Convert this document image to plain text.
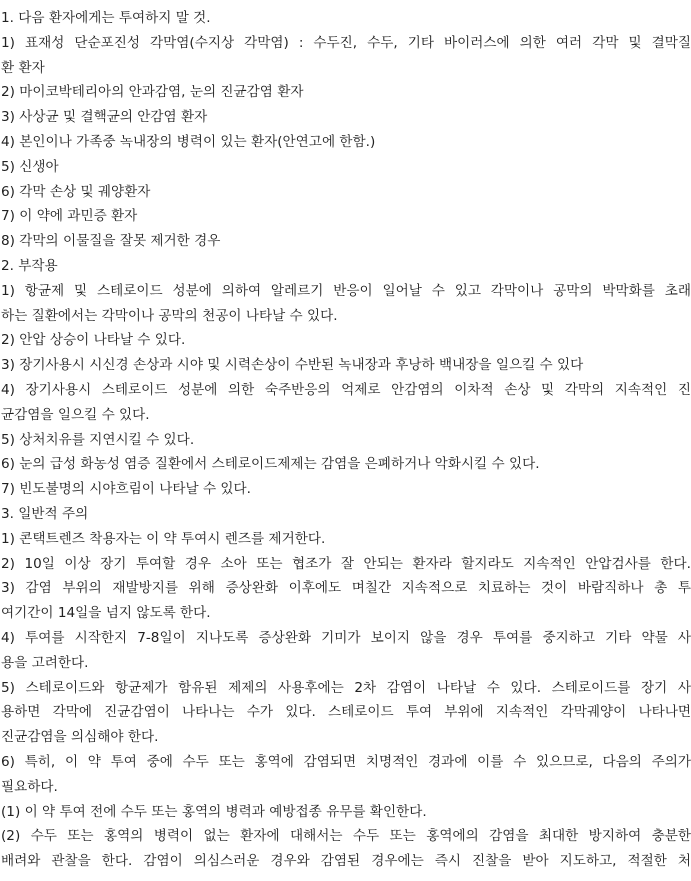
1. 다음 환자에게는 투여하지 말 것.
1) 표재성 단순포진성 각막염(수지상 각막염) : 수두진, 수두, 기타 바이러스에 의한 여러 각막 및 결막질
환 환자
2) 마이코박테리아의 안과감염, 눈의 진균감염 환자
3) 사상균 및 결핵균의 안감염 환자
4) 본인이나 가족중 녹내장의 병력이 있는 환자(안연고에 한함.)
5) 신생아
6) 각막 손상 및 궤양환자
7) 이 약에 과민증 환자
8) 각막의 이물질을 잘못 제거한 경우
2. 부작용
1) 항균제 및 스테로이드 성분에 의하여 알레르기 반응이 일어날 수 있고 각막이나 공막의 박막화를 초래
하는 질환에서는 각막이나 공막의 천공이 나타날 수 있다.
2) 안압 상승이 나타날 수 있다.
3) 장기사용시 시신경 손상과 시야 및 시력손상이 수반된 녹내장과 후낭하 백내장을 일으킬 수 있다
4) 장기사용시 스테로이드 성분에 의한 숙주반응의 억제로 안감염의 이차적 손상 및 각막의 지속적인 진
균감염을 일으킬 수 있다.
5) 상처치유를 지연시킬 수 있다.
6) 눈의 급성 화농성 염증 질환에서 스테로이드제제는 감염을 은폐하거나 악화시킬 수 있다.
7) 빈도불명의 시야흐림이 나타날 수 있다.
3. 일반적 주의
1) 콘택트렌즈 착용자는 이 약 투여시 렌즈를 제거한다.
2) 10일 이상 장기 투여할 경우 소아 또는 협조가 잘 안되는 환자라 할지라도 지속적인 안압검사를 한다.
3) 감염 부위의 재발방지를 위해 증상완화 이후에도 며칠간 지속적으로 치료하는 것이 바람직하나 총 투
여기간이 14일을 넘지 않도록 한다.
4) 투여를 시작한지 7-8일이 지나도록 증상완화 기미가 보이지 않을 경우 투여를 중지하고 기타 약물 사
용을 고려한다.
5) 스테로이드와 항균제가 함유된 제제의 사용후에는 2차 감염이 나타날 수 있다. 스테로이드를 장기 사
용하면 각막에 진균감염이 나타나는 수가 있다. 스테로이드 투여 부위에 지속적인 각막궤양이 나타나면
진균감염을 의심해야 한다.
6) 특히, 이 약 투여 중에 수두 또는 홍역에 감염되면 치명적인 경과에 이를 수 있으므로, 다음의 주의가
필요하다.
(1) 이 약 투여 전에 수두 또는 홍역의 병력과 예방접종 유무를 확인한다.
(2) 수두 또는 홍역의 병력이 없는 환자에 대해서는 수두 또는 홍역에의 감염을 최대한 방지하여 충분한
배려와 관찰을 한다. 감염이 의심스러운 경우와 감염된 경우에는 즉시 진찰을 받아 지도하고, 적절한 처
